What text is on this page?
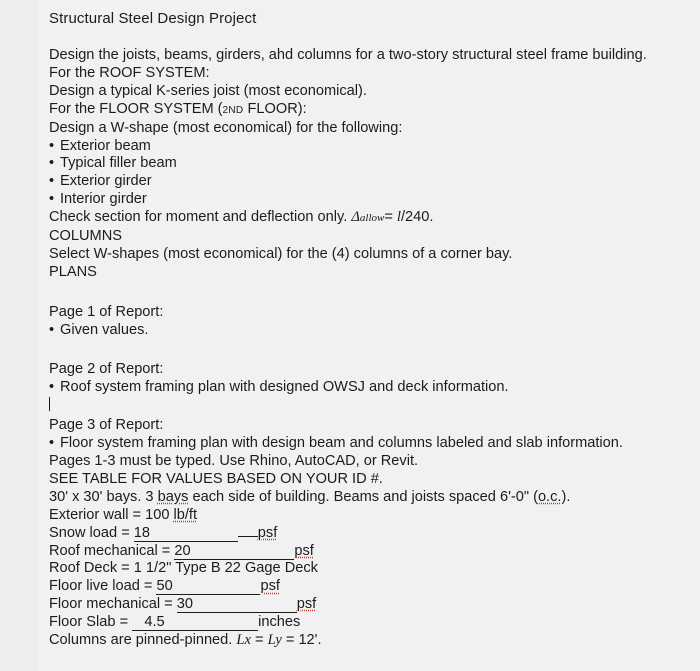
Structural Steel Design Project
Design the joists, beams, girders, ahd columns for a two-story structural steel frame building.
For the ROOF SYSTEM:
Design a typical K-series joist (most economical).
For the FLOOR SYSTEM (2ND FLOOR):
Design a W-shape (most economical) for the following:
• Exterior beam
• Typical filler beam
• Exterior girder
• Interior girder
Check section for moment and deflection only. Δallow= l/240.
COLUMNS
Select W-shapes (most economical) for the (4) columns of a corner bay.
PLANS
Page 1 of Report:
• Given values.
Page 2 of Report:
• Roof system framing plan with designed OWSJ and deck information.
Page 3 of Report:
• Floor system framing plan with design beam and columns labeled and slab information.
Pages 1-3 must be typed. Use Rhino, AutoCAD, or Revit.
SEE TABLE FOR VALUES BASED ON YOUR ID #.
30' x 30' bays. 3 bays each side of building. Beams and joists spaced 6'-0" (o.c.).
Exterior wall = 100 lb/ft
Snow load = 18	psf
Roof mechanical = 20	psf
Roof Deck = 1 1/2" Type B 22 Gage Deck
Floor live load = 50	psf
Floor mechanical = 30	psf
Floor Slab =    4.5	inches
Columns are pinned-pinned. Lx = Ly = 12'.
